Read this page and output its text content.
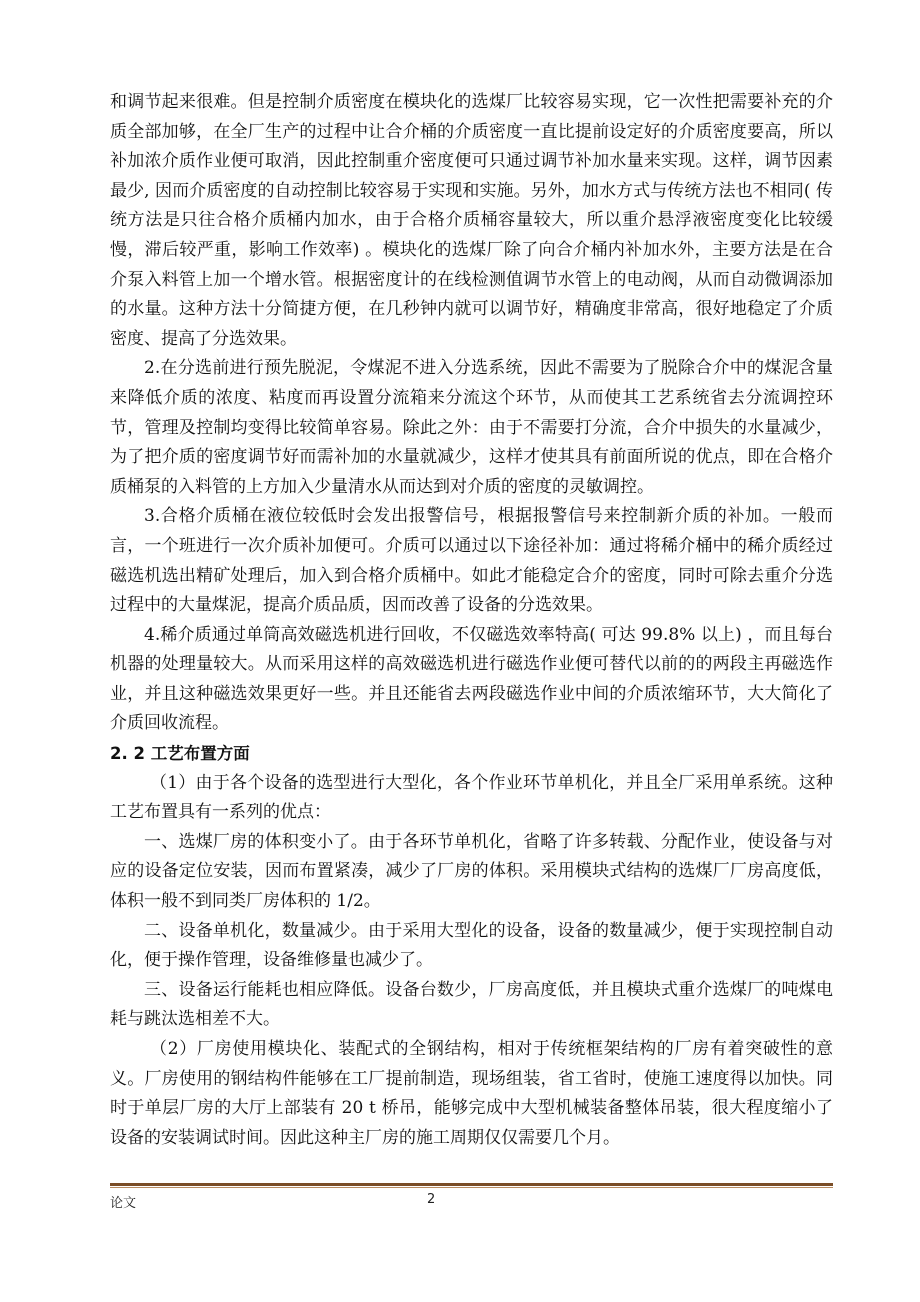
和调节起来很难。但是控制介质密度在模块化的选煤厂比较容易实现，它一次性把需要补充的介质全部加够，在全厂生产的过程中让合介桶的介质密度一直比提前设定好的介质密度要高，所以补加浓介质作业便可取消，因此控制重介密度便可只通过调节补加水量来实现。这样，调节因素最少, 因而介质密度的自动控制比较容易于实现和实施。另外，加水方式与传统方法也不相同( 传统方法是只往合格介质桶内加水，由于合格介质桶容量较大，所以重介悬浮液密度变化比较缓慢，滞后较严重，影响工作效率) 。模块化的选煤厂除了向合介桶内补加水外，主要方法是在合介泵入料管上加一个增水管。根据密度计的在线检测值调节水管上的电动阀，从而自动微调添加的水量。这种方法十分简捷方便，在几秒钟内就可以调节好，精确度非常高，很好地稳定了介质密度、提高了分选效果。

2.在分选前进行预先脱泥，令煤泥不进入分选系统，因此不需要为了脱除合介中的煤泥含量来降低介质的浓度、粘度而再设置分流箱来分流这个环节，从而使其工艺系统省去分流调控环节，管理及控制均变得比较简单容易。除此之外：由于不需要打分流，合介中损失的水量减少，为了把介质的密度调节好而需补加的水量就减少，这样才使其具有前面所说的优点，即在合格介质桶泵的入料管的上方加入少量清水从而达到对介质的密度的灵敏调控。

3.合格介质桶在液位较低时会发出报警信号，根据报警信号来控制新介质的补加。一般而言，一个班进行一次介质补加便可。介质可以通过以下途径补加：通过将稀介桶中的稀介质经过磁选机选出精矿处理后，加入到合格介质桶中。如此才能稳定合介的密度，同时可除去重介分选过程中的大量煤泥，提高介质品质，因而改善了设备的分选效果。

4.稀介质通过单筒高效磁选机进行回收，不仅磁选效率特高( 可达 99.8% 以上) ，而且每台机器的处理量较大。从而采用这样的高效磁选机进行磁选作业便可替代以前的的两段主再磁选作业，并且这种磁选效果更好一些。并且还能省去两段磁选作业中间的介质浓缩环节，大大简化了介质回收流程。

2. 2 工艺布置方面

（1）由于各个设备的选型进行大型化，各个作业环节单机化，并且全厂采用单系统。这种工艺布置具有一系列的优点：

一、选煤厂房的体积变小了。由于各环节单机化，省略了许多转载、分配作业，使设备与对应的设备定位安装，因而布置紧凑，减少了厂房的体积。采用模块式结构的选煤厂厂房高度低，体积一般不到同类厂房体积的 1/2。

二、设备单机化，数量减少。由于采用大型化的设备，设备的数量减少，便于实现控制自动化，便于操作管理，设备维修量也减少了。

三、设备运行能耗也相应降低。设备台数少，厂房高度低，并且模块式重介选煤厂的吨煤电耗与跳汰选相差不大。

（2）厂房使用模块化、装配式的全钢结构，相对于传统框架结构的厂房有着突破性的意义。厂房使用的钢结构件能够在工厂提前制造，现场组装，省工省时，使施工速度得以加快。同时于单层厂房的大厅上部装有 20 t 桥吊，能够完成中大型机械装备整体吊装，很大程度缩小了设备的安装调试时间。因此这种主厂房的施工周期仅仅需要几个月。

论文	2
